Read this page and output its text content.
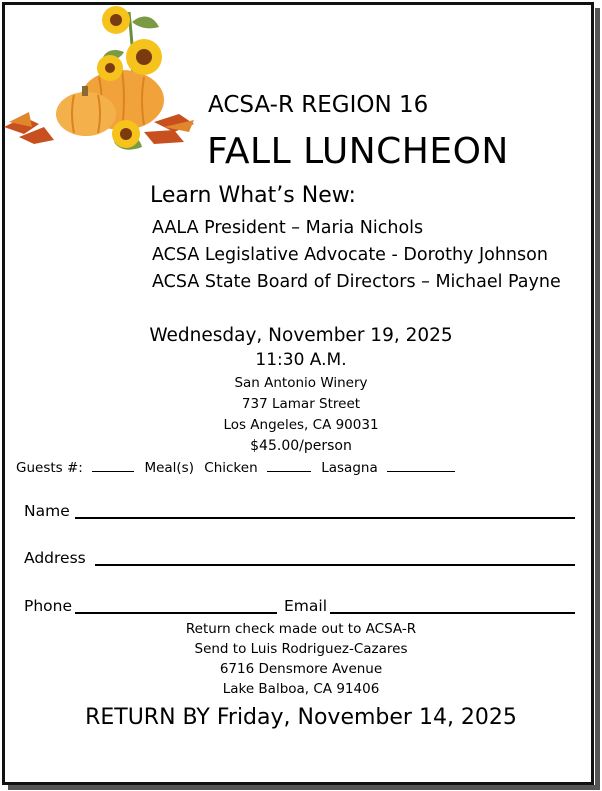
ACSA-R REGION 16
FALL LUNCHEON
Learn What’s New:
AALA President – Maria Nichols
ACSA Legislative Advocate - Dorothy Johnson
ACSA State Board of Directors – Michael Payne
Wednesday, November 19, 2025
11:30 A.M.
San Antonio Winery
737 Lamar Street
Los Angeles, CA 90031
$45.00/person
Guests #:	Meal(s) Chicken	Lasagna
Name
Address
Phone	Email
Return check made out to ACSA-R
Send to Luis Rodriguez-Cazares
6716 Densmore Avenue
Lake Balboa, CA 91406
RETURN BY Friday, November 14, 2025
